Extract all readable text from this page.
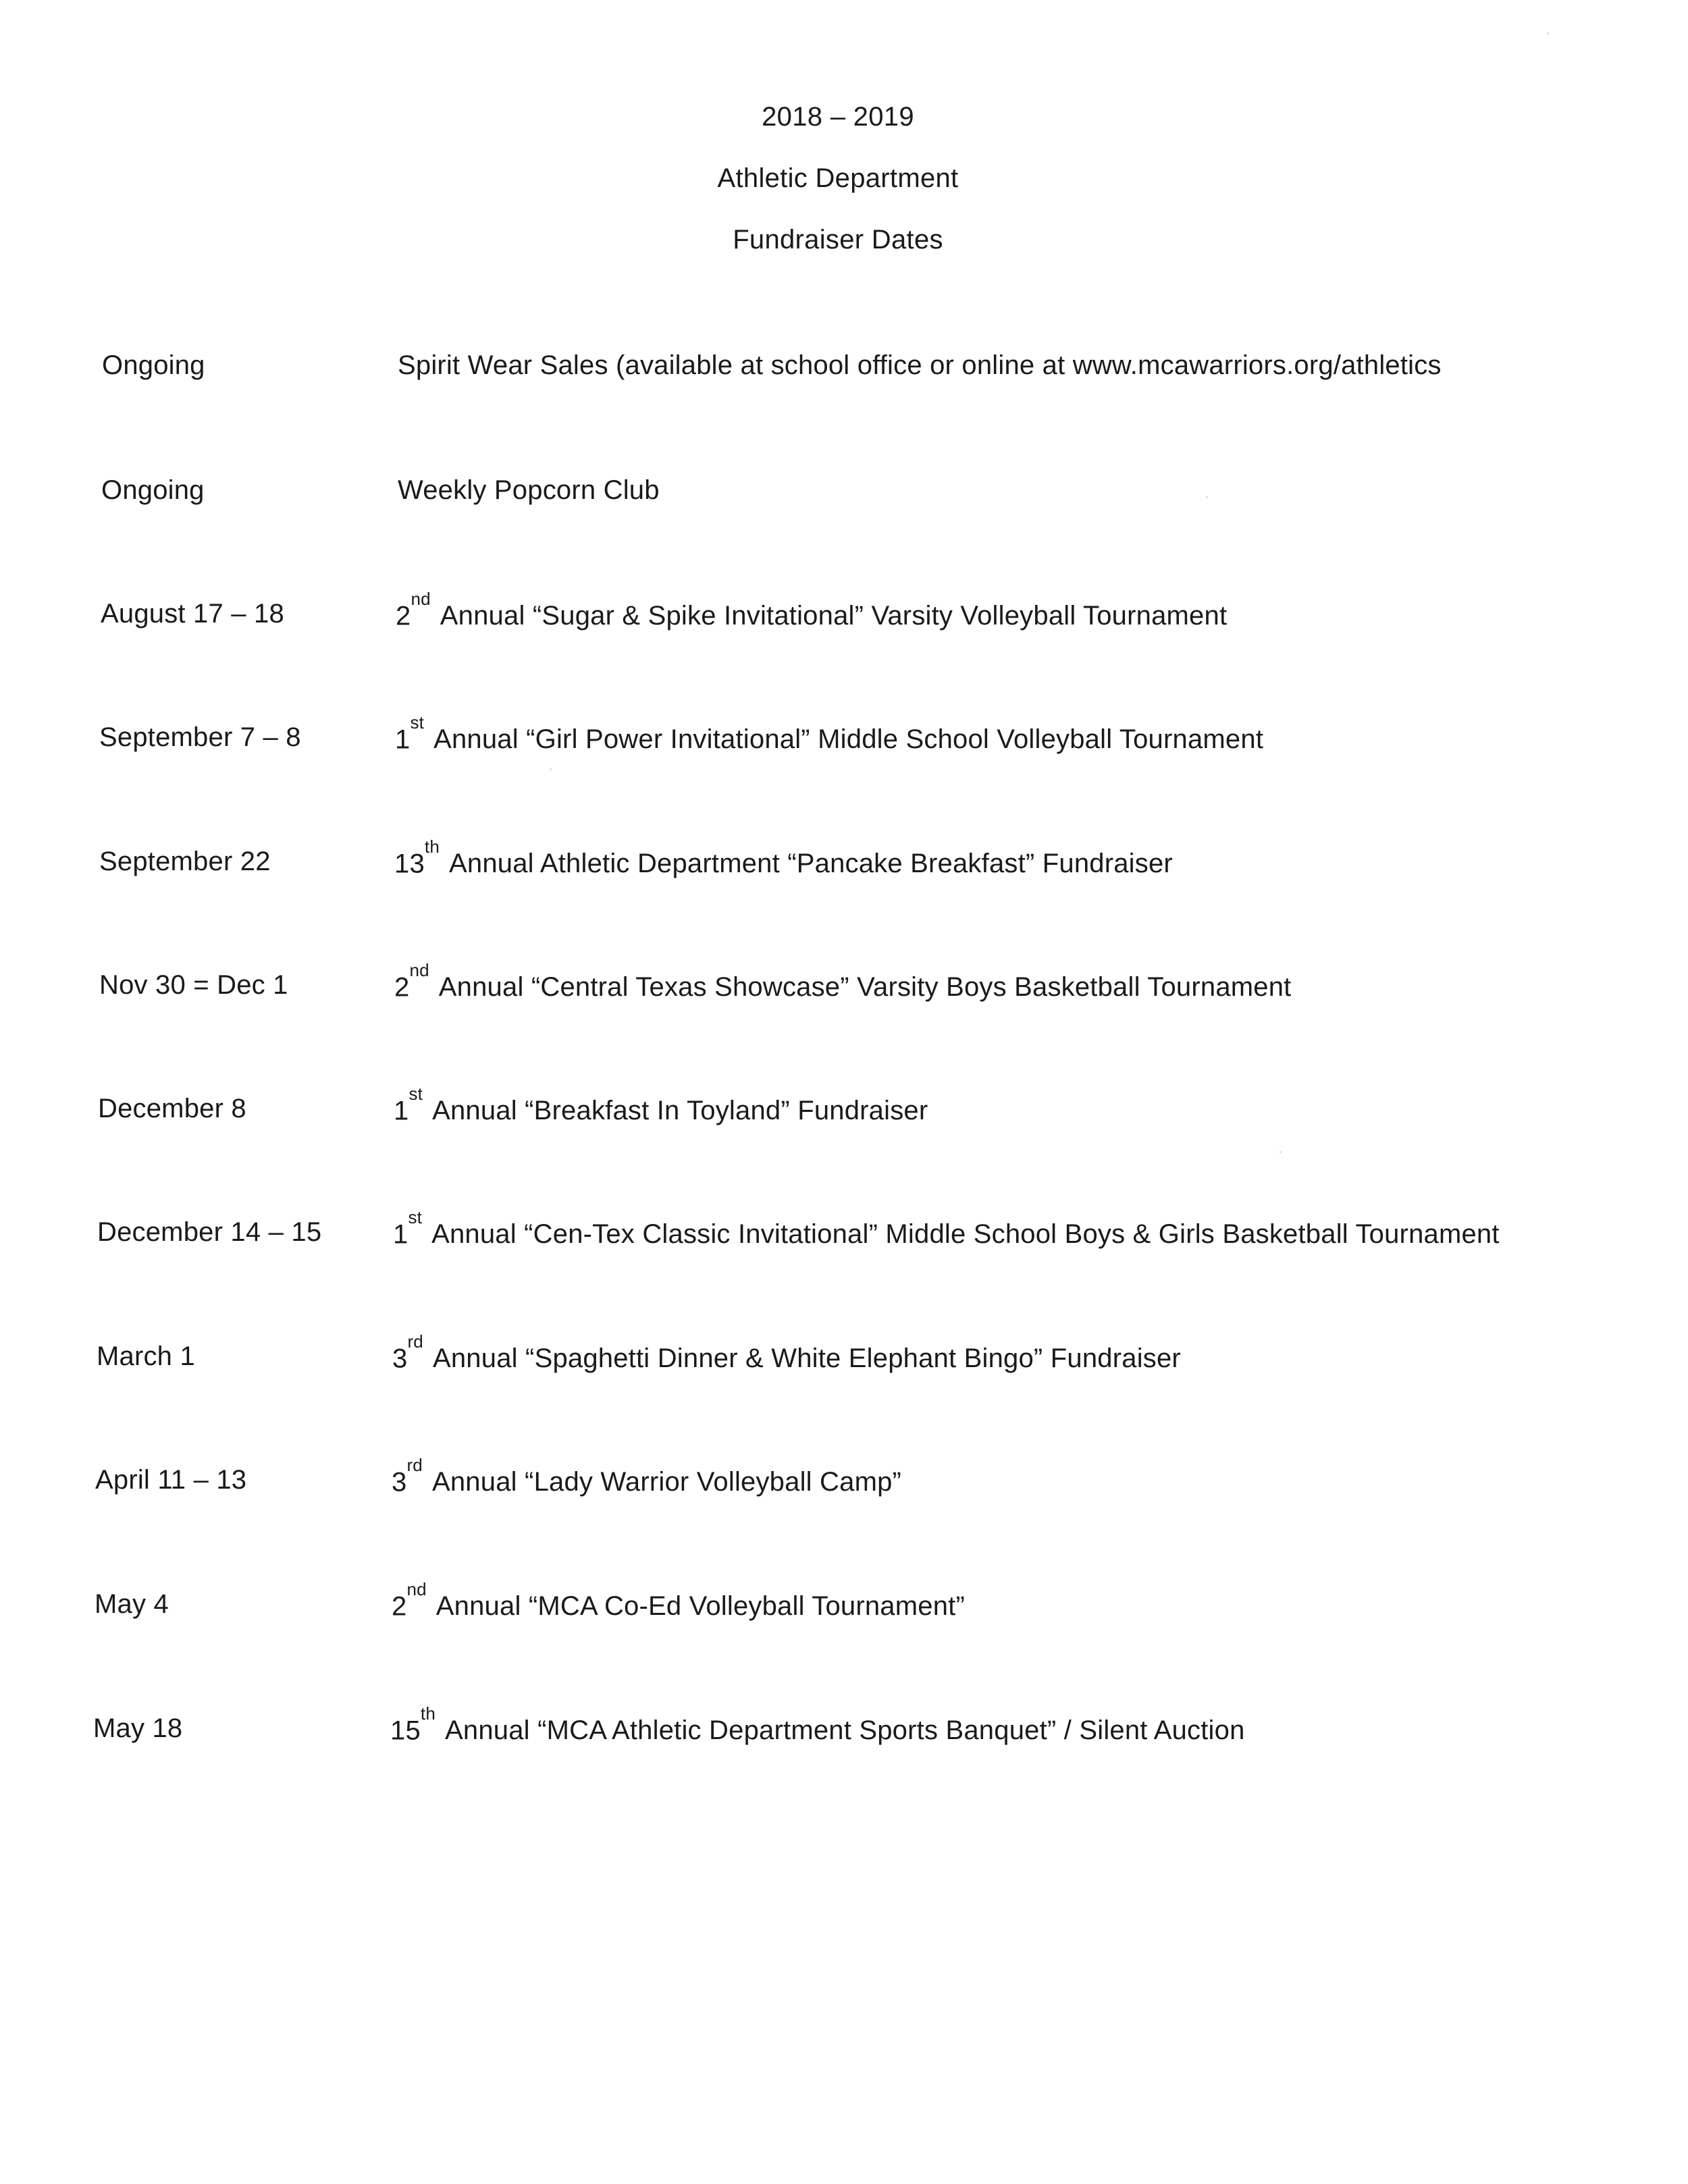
2018 – 2019
Athletic Department
Fundraiser Dates
Ongoing	Spirit Wear Sales (available at school office or online at www.mcawarriors.org/athletics
Ongoing	Weekly Popcorn Club
August 17 – 18	2ndAnnual “Sugar & Spike Invitational” Varsity Volleyball Tournament
September 7 – 8	1stAnnual “Girl Power Invitational” Middle School Volleyball Tournament
September 22	13thAnnual Athletic Department “Pancake Breakfast” Fundraiser
Nov 30 = Dec 1	2ndAnnual “Central Texas Showcase” Varsity Boys Basketball Tournament
December 8	1stAnnual “Breakfast In Toyland” Fundraiser
December 14 – 15	1stAnnual “Cen-Tex Classic Invitational” Middle School Boys & Girls Basketball Tournament
March 1	3rdAnnual “Spaghetti Dinner & White Elephant Bingo” Fundraiser
April 11 – 13	3rdAnnual “Lady Warrior Volleyball Camp”
May 4	2ndAnnual “MCA Co-Ed Volleyball Tournament”
May 18	15thAnnual “MCA Athletic Department Sports Banquet” / Silent Auction
